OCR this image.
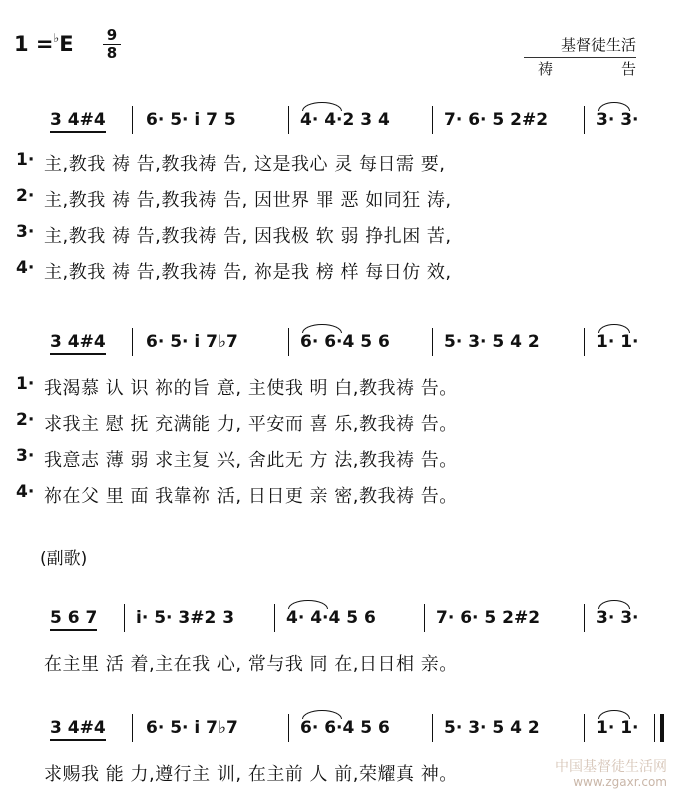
1 =♭E 9
8	基督徒生活
祷	告
3 4#4 6· 5· i 7 5	4· 4·2 3 4	7· 6· 5 2#2	3· 3·
1· 主,教我 祷 告,教我祷 告, 这是我心 灵 每日需 要,
2· 主,教我 祷 告,教我祷 告, 因世界 罪 恶 如同狂 涛,
3· 主,教我 祷 告,教我祷 告, 因我极 软 弱 挣扎困 苦,
4· 主,教我 祷 告,教我祷 告, 祢是我 榜 样 每日仿 效,
3 4#4 6· 5· i 7♭7	6· 6·4 5 6	5· 3· 5 4 2	1· 1·
1· 我渴慕 认 识 祢的旨 意, 主使我 明 白,教我祷 告。
2· 求我主 慰 抚 充满能 力, 平安而 喜 乐,教我祷 告。
3· 我意志 薄 弱 求主复 兴, 舍此无 方 法,教我祷 告。
4· 祢在父 里 面 我靠祢 活, 日日更 亲 密,教我祷 告。
(副歌)
5 6 7 i· 5· 3#2 3	4· 4·4 5 6	7· 6· 5 2#2	3· 3·
在主里 活 着,主在我 心, 常与我 同 在,日日相 亲。
3 4#4 6· 5· i 7♭7	6· 6·4 5 6	5· 3· 5 4 2	1· 1·
求赐我 能 力,遵行主 训, 在主前 人 前,荣耀真 神。	中国基督徒生活网
www.zgaxr.com
